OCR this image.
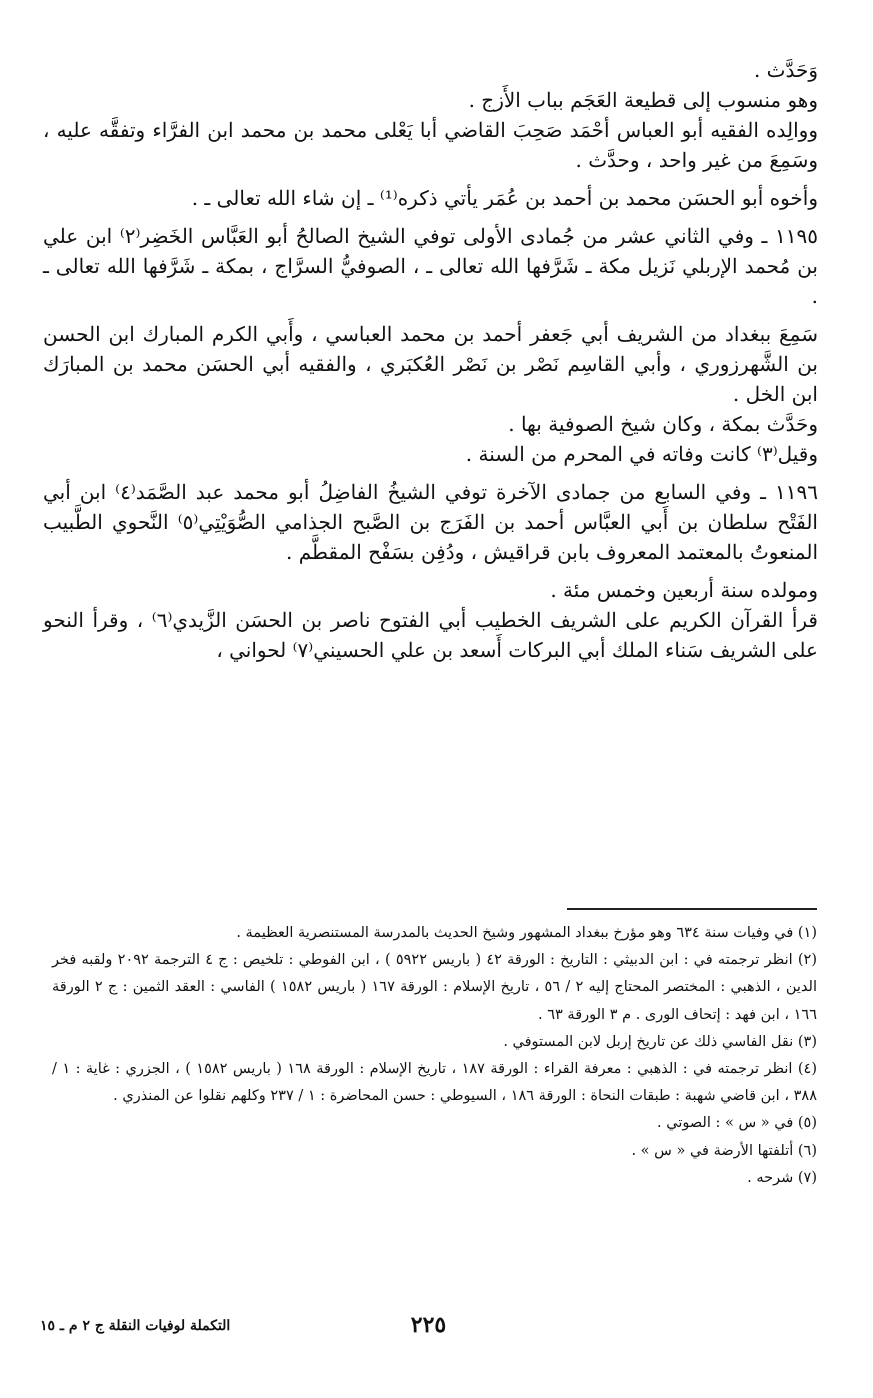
وَحَدَّث .

وهو منسوب إلى قطيعة العَجَم بباب الأَزج .

ووالِده الفقيه أبو العباس أحْمَد صَحِبَ القاضي أبا يَعْلى محمد بن محمد ابن الفرَّاء وتفقَّه عليه ، وسَمِعَ من غير واحد ، وحدَّث .

وأخوه أبو الحسَن محمد بن أحمد بن عُمَر يأتي ذكره⁽¹⁾ ـ إن شاء الله تعالى ـ .

١١٩٥ ـ وفي الثاني عشر من جُمادى الأولى توفي الشيخ الصالحُ أبو العَبَّاس الخَضِر⁽٢⁾ ابن علي بن مُحمد الإربلي نَزيل مكة ـ شَرَّفها الله تعالى ـ ، الصوفيُّ السرَّاج ، بمكة ـ شَرَّفها الله تعالى ـ .

سَمِعَ ببغداد من الشريف أبي جَعفر أحمد بن محمد العباسي ، وأَبي الكرم المبارك ابن الحسن بن الشَّهرزوري ، وأبي القاسِم نَصْر بن نَصْر العُكبَري ، والفقيه أبي الحسَن محمد بن المبارَك ابن الخل .

وحَدَّث بمكة ، وكان شيخ الصوفية بها .

وقيل⁽٣⁾ كانت وفاته في المحرم من السنة .

١١٩٦ ـ وفي السابع من جمادى الآخرة توفي الشيخُ الفاضِلُ أبو محمد عبد الصَّمَد⁽٤⁾ ابن أبي الفَتْح سلطان بن أَبي العبَّاس أحمد بن الفَرَج بن الصَّبح الجذامي الصُّوَيْتِي⁽٥⁾ النَّحوي الطَّبيب المنعوتُ بالمعتمد المعروف بابن قراقيش ، ودُفِن بسَفْح المقطَّم .

ومولده سنة أربعين وخمس مئة .

قرأ القرآن الكريم على الشريف الخطيب أبي الفتوح ناصر بن الحسَن الزَّيدي⁽٦⁾ ، وقرأ النحو على الشريف سَناء الملك أبي البركات أَسعد بن علي الحسيني⁽٧⁾ لحواني ،

(١) في وفيات سنة ٦٣٤ وهو مؤرخ ببغداد المشهور وشيخ الحديث بالمدرسة المستنصرية العظيمة .

(٢) انظر ترجمته في : ابن الدبيثي : التاريخ : الورقة ٤٢ ( باريس ٥٩٢٢ ) ، ابن الفوطي : تلخيص : ج ٤ الترجمة ٢٠٩٢ ولقبه فخر الدين ، الذهبي : المختصر المحتاج إليه ٢ / ٥٦ ، تاريخ الإسلام : الورقة ١٦٧ ( باريس ١٥٨٢ ) الفاسي : العقد الثمين : ج ٢ الورقة ١٦٦ ، ابن فهد : إتحاف الورى . م ٣ الورقة ٦٣ .

(٣) نقل الفاسي ذلك عن تاريخ إربل لابن المستوفي .

(٤) انظر ترجمته في : الذهبي : معرفة القراء : الورقة ١٨٧ ، تاريخ الإسلام : الورقة ١٦٨ ( باريس ١٥٨٢ ) ، الجزري : غاية : ١ / ٣٨٨ ، ابن قاضي شهبة : طبقات النحاة : الورقة ١٨٦ ، السيوطي : حسن المحاضرة : ١ / ٢٣٧ وكلهم نقلوا عن المنذري .

(٥) في « س » : الصوتي .

(٦) أتلفتها الأرضة في « س » .

(٧) شرحه .

٢٢٥
التكملة لوفيات النقلة ج ٢ م ـ ١٥
